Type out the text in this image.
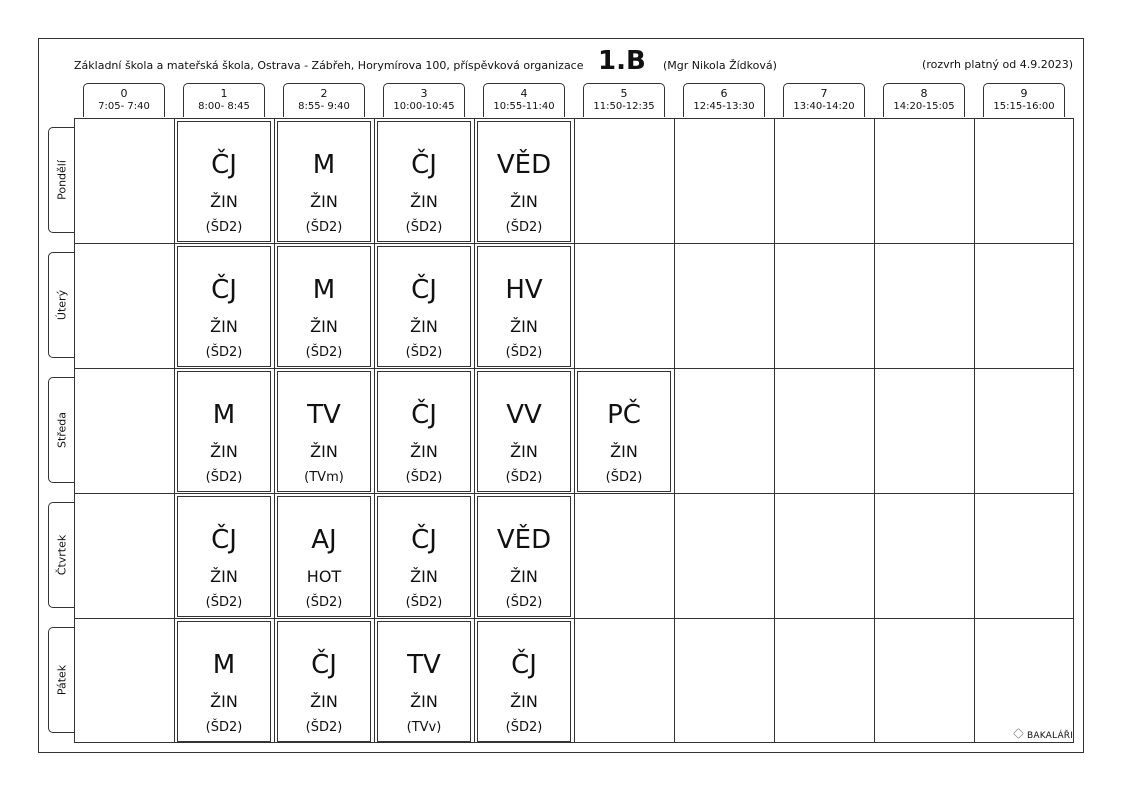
Základní škola a mateřská škola, Ostrava - Zábřeh, Horymírova 100, příspěvková organizace 1.B (Mgr Nikola Žídková)	(rozvrh platný od 4.9.2023)
0
7:05- 7:40
1
8:00- 8:45
2
8:55- 9:40
3
10:00-10:45
4
10:55-11:40
5
11:50-12:35
6
12:45-13:30
7
13:40-14:20
8
14:20-15:05
9
15:15-16:00
Pondělí
Úterý
Středa
Čtvrtek
Pátek
ČJ
ŽIN
(ŠD2)
M
ŽIN
(ŠD2)
ČJ
ŽIN
(ŠD2)
VĚD
ŽIN
(ŠD2)
ČJ
ŽIN
(ŠD2)
M
ŽIN
(ŠD2)
ČJ
ŽIN
(ŠD2)
HV
ŽIN
(ŠD2)
M
ŽIN
(ŠD2)
TV
ŽIN
(TVm)
ČJ
ŽIN
(ŠD2)
VV
ŽIN
(ŠD2)
PČ
ŽIN
(ŠD2)
ČJ
ŽIN
(ŠD2)
AJ
HOT
(ŠD2)
ČJ
ŽIN
(ŠD2)
VĚD
ŽIN
(ŠD2)
M
ŽIN
(ŠD2)
ČJ
ŽIN
(ŠD2)
TV
ŽIN
(TVv)
ČJ
ŽIN
(ŠD2)
BAKALÁŘI
